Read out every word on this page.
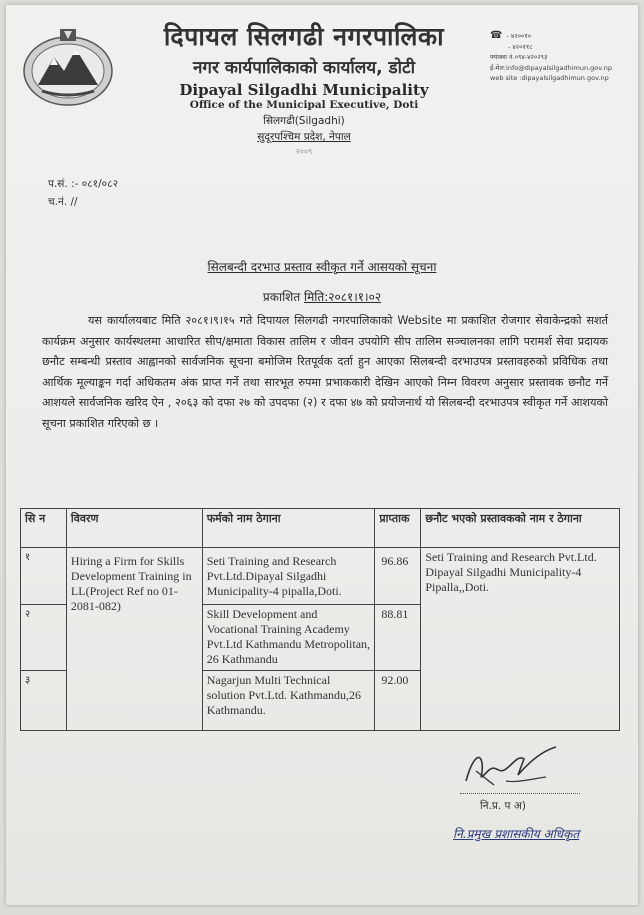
दिपायल सिलगढी नगरपालिका
नगर कार्यपालिकाको कार्यालय, डोटी
Dipayal Silgadhi Municipality
Office of the Municipal Executive, Doti
सिलगढी(Silgadhi)
सुदूरपश्चिम प्रदेश, नेपाल
२००९
☎ - ४२००१०
- ४२०११८
फ्याक्स नं.०९४-४२०२९३
ई-मेल:info@dipayalsilgadhimun.gov.np
web site :dipayalsilgadhimun.gov.np
प.सं. :- ०८१/०८२
च.नं. //
सिलबन्दी दरभाउ प्रस्ताव स्वीकृत गर्ने आसयको सूचना
प्रकाशित मिति:२०८१।१।०२
यस कार्यालयबाट मिति २०८१।९।१५ गते दिपायल सिलगढी नगरपालिकाको Website मा प्रकाशित रोजगार सेवाकेन्द्रको सशर्त कार्यक्रम अनुसार कार्यस्थलमा आधारित सीप/क्षमाता विकास तालिम र जीवन उपयोगि सीप तालिम सञ्चालनका लागि परामर्श सेवा प्रदायक छनौट सम्बन्धी प्रस्ताव आह्वानको सार्वजनिक सूचना बमोजिम रितपूर्वक दर्ता हुन आएका सिलबन्दी दरभाउपत्र प्रस्तावहरुको प्रविधिक तथा आर्थिक मूल्याङ्कन गर्दा अधिकतम अंक प्राप्त गर्ने तथा सारभूत रुपमा प्रभाककारी देखिन आएको निम्न विवरण अनुसार प्रस्तावक छनौट गर्ने आशयले सार्वजनिक खरिद ऐन , २०६३ को दफा २७ को उपदफा (२) र दफा ४७ को प्रयोजनार्थ यो सिलबन्दी दरभाउपत्र स्वीकृत गर्ने आशयको सूचना प्रकाशित गरिएको छ ।
सि न	विवरण	फर्मको नाम ठेगाना	प्राप्ताक	छनौट भएको प्रस्तावकको नाम र ठेगाना
१	Hiring a Firm for Skills Development Training in LL(Project Ref no 01-2081-082)	Seti Training and Research Pvt.Ltd.Dipayal Silgadhi Municipality-4 pipalla,Doti.	96.86	Seti Training and Research Pvt.Ltd. Dipayal Silgadhi Municipality-4 Pipalla,,Doti.
२		Skill Development and Vocational Training Academy Pvt.Ltd Kathmandu Metropolitan, 26 Kathmandu	88.81	
३		Nagarjun Multi Technical solution Pvt.Ltd. Kathmandu,26 Kathmandu.	92.00	
नि.प्र. प अ)
नि.प्रमुख प्रशासकीय अधिकृत
